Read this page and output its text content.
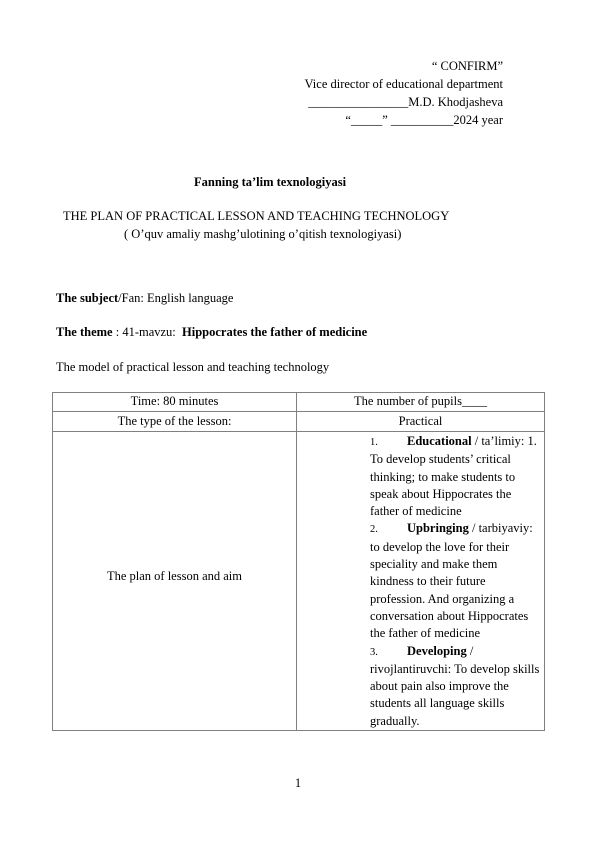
“ CONFIRM”
Vice director of educational department
________________M.D. Khodjasheva
“_____” __________2024 year
Fanning ta’lim texnologiyasi
THE PLAN OF PRACTICAL LESSON AND TEACHING TECHNOLOGY
( O’quv amaliy mashg’ulotining o’qitish texnologiyasi)
The subject/Fan: English language
The theme : 41-mavzu:  Hippocrates the father of medicine
The model of practical lesson and teaching technology
Time: 80 minutes	The number of pupils____
The type of the lesson:	Practical
The plan of lesson and aim	1. Educational / ta’limiy: 1. To develop students’ critical thinking; to make students to speak about Hippocrates the father of medicine
2. Upbringing / tarbiyaviy: to develop the love for their speciality and make them kindness to their future profession. And organizing a conversation about Hippocrates the father of medicine
3. Developing / rivojlantiruvchi: To develop skills about pain also improve the students all language skills gradually.
1
